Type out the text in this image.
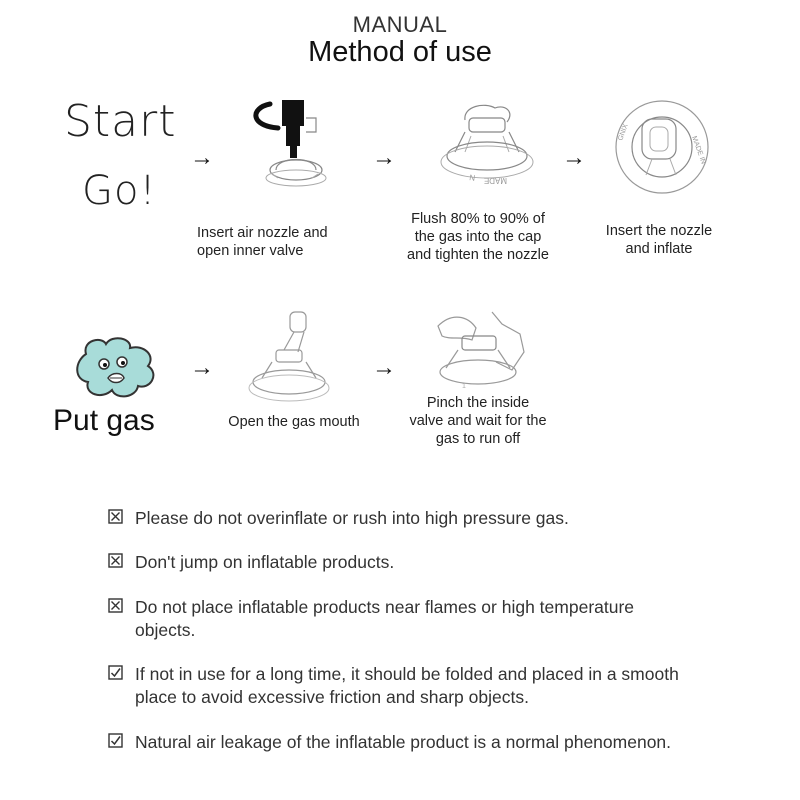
MANUAL
Method of use
Start
Go!
→	→
N MADE
→	MADE IN
GNIX
Insert air nozzle and
open inner valve
Flush 80% to 90% of
the gas into the cap
and tighten the nozzle
Insert the nozzle
and inflate
Put gas
→	→
1
Open the gas mouth
Pinch the inside
valve and wait for the
gas to run off
Please do not overinflate or rush into high pressure gas.
Don't jump on inflatable products.
Do not place inflatable products near flames or high temperature
objects.
If not in use for a long time, it should be folded and placed in a smooth
place to avoid excessive friction and sharp objects.
Natural air leakage of the inflatable product is a normal phenomenon.
